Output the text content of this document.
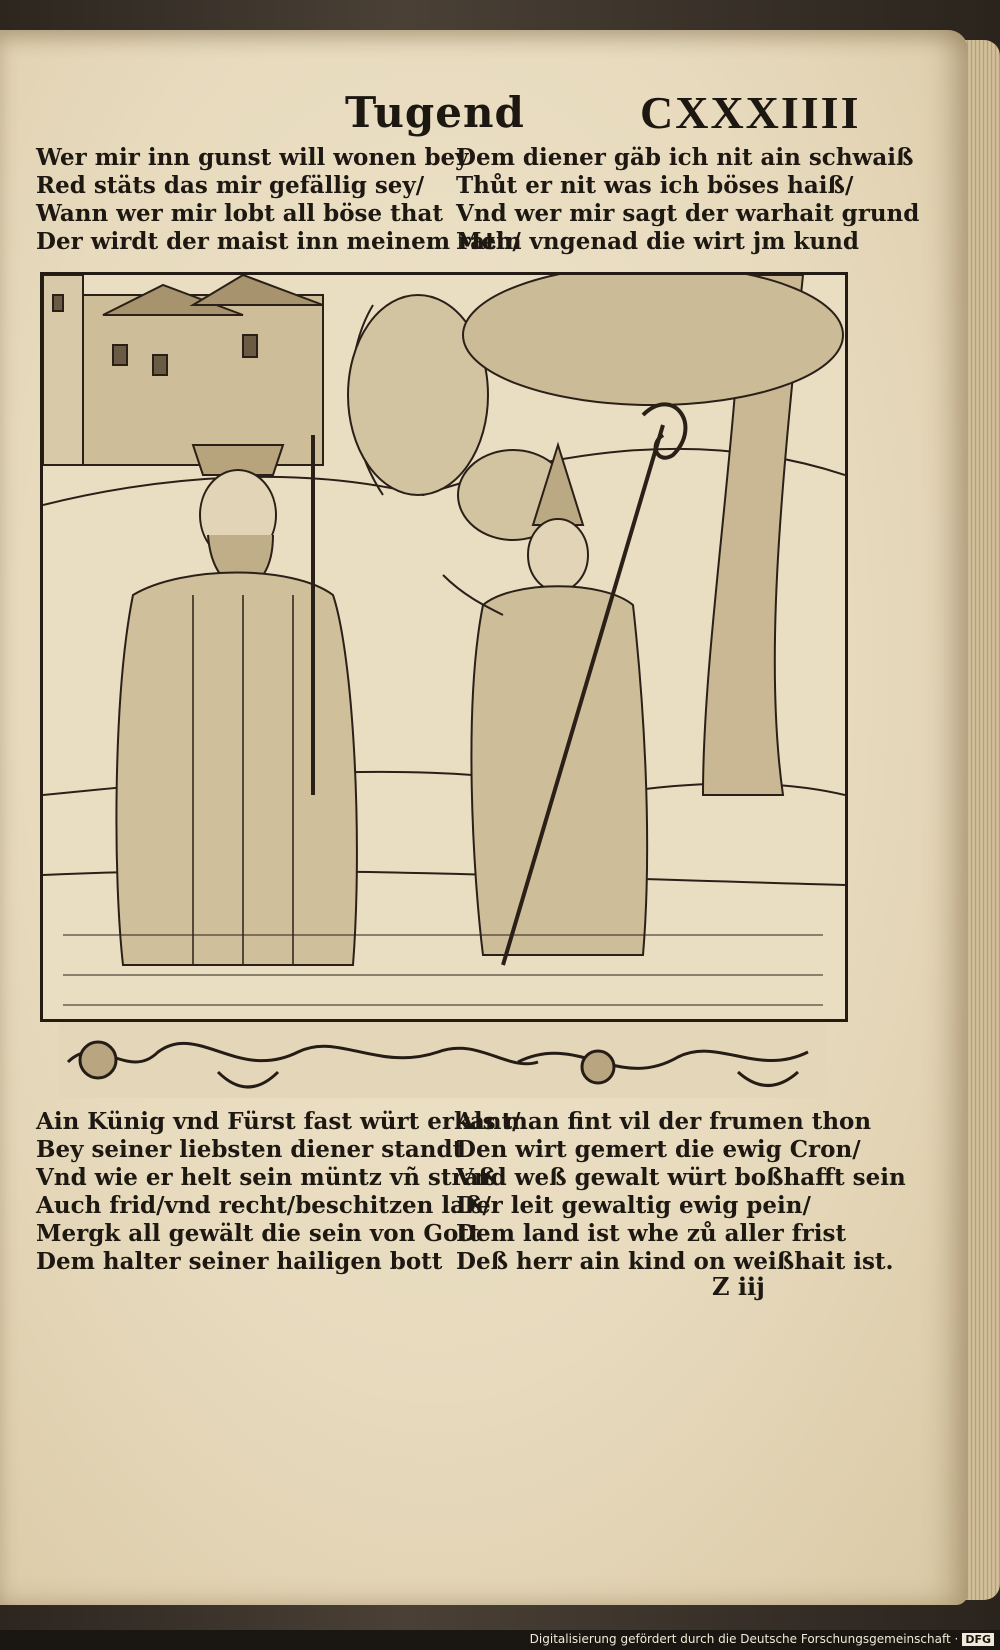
Tugend	CXXXIIII
Wer mir inn gunst will wonen bey
Red stäts das mir gefällig sey/
Wann wer mir lobt all böse that
Der wirdt der maist inn meinem rath/
Dem diener gäb ich nit ain schwaiß
Thůt er nit was ich böses haiß/
Vnd wer mir sagt der warhait grund
Mein vngenad die wirt jm kund
Ain Künig vnd Fürst fast würt erkant/
Bey seiner liebsten diener standt
Vnd wie er helt sein müntz vñ straß
Auch frid/vnd recht/beschitzen laß/
Mergk all gewält die sein von Gott
Dem halter seiner hailigen bott
Als man fint vil der frumen thon
Den wirt gemert die ewig Cron/
Vnd weß gewalt würt boßhafft sein
Der leit gewaltig ewig pein/
Dem land ist whe zů aller frist
Deß herr ain kind on weißhait ist.
Z iij
Digitalisierung gefördert durch die Deutsche Forschungsgemeinschaft · DFG
